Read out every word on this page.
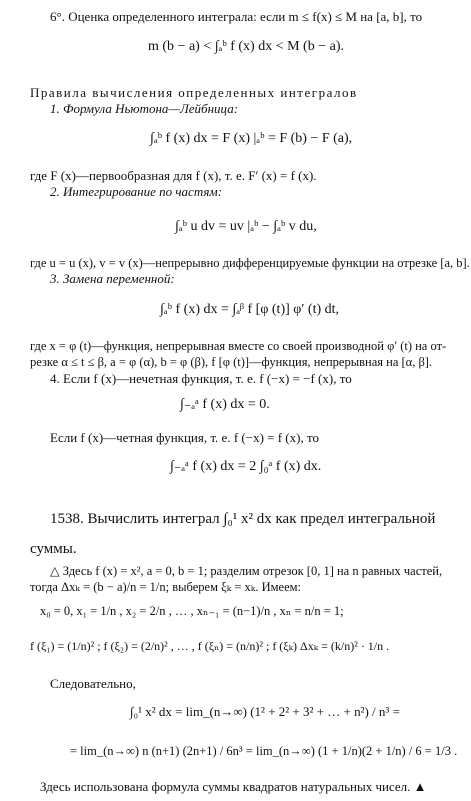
6°. Оценка определенного интеграла: если m ≤ f(x) ≤ M на [a, b], то
m (b − a) < ∫ₐᵇ f (x) dx < M (b − a).
Правила вычисления определенных интегралов
1. Формула Ньютона—Лейбница:
∫ₐᵇ f (x) dx = F (x) |ₐᵇ = F (b) − F (a),
где F (x)—первообразная для f (x), т. е. F′ (x) = f (x).
2. Интегрирование по частям:
∫ₐᵇ u dv = uv |ₐᵇ − ∫ₐᵇ v du,
где u = u (x), v = v (x)—непрерывно дифференцируемые функции на отрезке [a, b].
3. Замена переменной:
∫ₐᵇ f (x) dx = ∫ₐᵝ f [φ (t)] φ′ (t) dt,
где x = φ (t)—функция, непрерывная вместе со своей производной φ′ (t) на от-
резке α ≤ t ≤ β, a = φ (α), b = φ (β), f [φ (t)]—функция, непрерывная на [α, β].
4. Если f (x)—нечетная функция, т. е. f (−x) = −f (x), то
∫₋ₐᵃ f (x) dx = 0.
Если f (x)—четная функция, т. е. f (−x) = f (x), то
∫₋ₐᵃ f (x) dx = 2 ∫₀ᵃ f (x) dx.
1538. Вычислить интеграл ∫₀¹ x² dx как предел интегральной
суммы.
△ Здесь f (x) = x², a = 0, b = 1; разделим отрезок [0, 1] на n равных частей,
тогда Δxₖ = (b − a)/n = 1/n; выберем ξₖ = xₖ. Имеем:
x₀ = 0, x₁ = 1/n , x₂ = 2/n , … , xₙ₋₁ = (n−1)/n , xₙ = n/n = 1;
f (ξ₁) = (1/n)² ; f (ξ₂) = (2/n)² , … , f (ξₙ) = (n/n)² ; f (ξₖ) Δxₖ = (k/n)² · 1/n .
Следовательно,
∫₀¹ x² dx = lim_(n→∞) (1² + 2² + 3² + … + n²) / n³ =
= lim_(n→∞) n (n+1) (2n+1) / 6n³ = lim_(n→∞) (1 + 1/n)(2 + 1/n) / 6 = 1/3 .
Здесь использована формула суммы квадратов натуральных чисел. ▲
